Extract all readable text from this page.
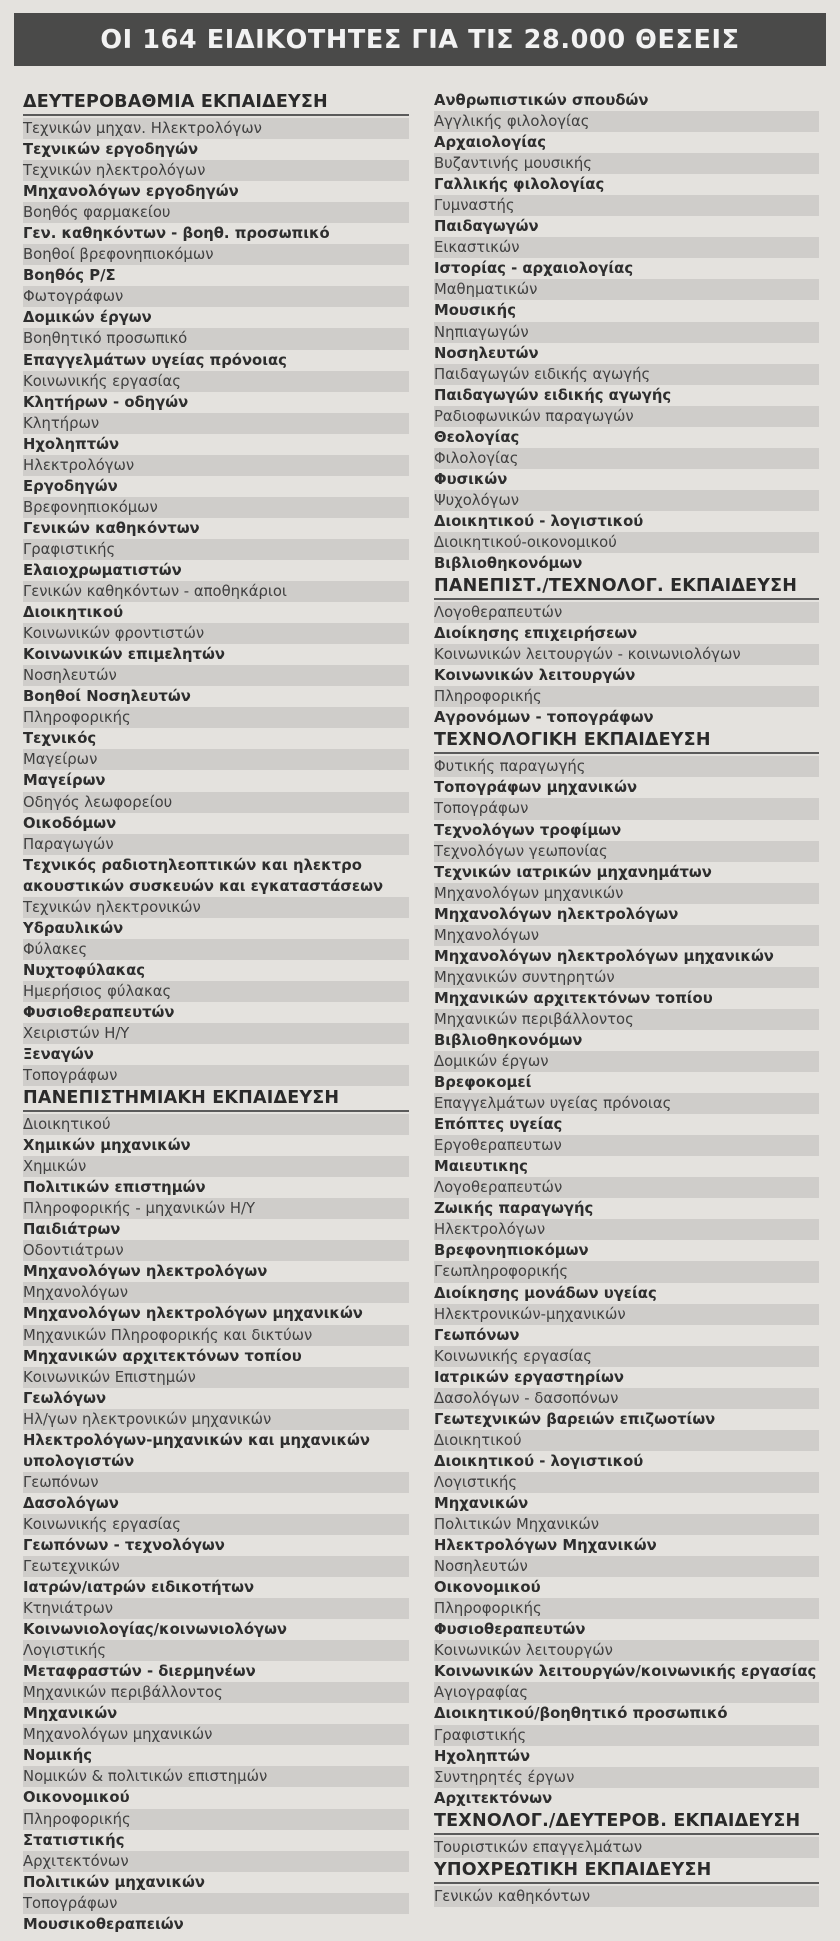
ΟΙ 164 ΕΙΔΙΚΟΤΗΤΕΣ ΓΙΑ ΤΙΣ 28.000 ΘΕΣΕΙΣ
ΔΕΥΤΕΡΟΒΑΘΜΙΑ ΕΚΠΑΙΔΕΥΣΗ
Τεχνικών μηχαν. Ηλεκτρολόγων
Τεχνικών εργοδηγών
Τεχνικών ηλεκτρολόγων
Μηχανολόγων εργοδηγών
Βοηθός φαρμακείου
Γεν. καθηκόντων - βοηθ. προσωπικό
Βοηθοί βρεφονηπιοκόμων
Βοηθός Ρ/Σ
Φωτογράφων
Δομικών έργων
Βοηθητικό προσωπικό
Επαγγελμάτων υγείας πρόνοιας
Κοινωνικής εργασίας
Κλητήρων - οδηγών
Κλητήρων
Ηχοληπτών
Ηλεκτρολόγων
Εργοδηγών
Βρεφονηπιοκόμων
Γενικών καθηκόντων
Γραφιστικής
Ελαιοχρωματιστών
Γενικών καθηκόντων - αποθηκάριοι
Διοικητικού
Κοινωνικών φροντιστών
Κοινωνικών επιμελητών
Νοσηλευτών
Βοηθοί Νοσηλευτών
Πληροφορικής
Τεχνικός
Μαγείρων
Μαγείρων
Οδηγός λεωφορείου
Οικοδόμων
Παραγωγών
Τεχνικός ραδιοτηλεοπτικών και ηλεκτρο ακουστικών συσκευών και εγκαταστάσεων
Τεχνικών ηλεκτρονικών
Υδραυλικών
Φύλακες
Νυχτοφύλακας
Ημερήσιος φύλακας
Φυσιοθεραπευτών
Χειριστών Η/Υ
Ξεναγών
Τοπογράφων
ΠΑΝΕΠΙΣΤΗΜΙΑΚΗ ΕΚΠΑΙΔΕΥΣΗ
Διοικητικού
Χημικών μηχανικών
Χημικών
Πολιτικών επιστημών
Πληροφορικής - μηχανικών Η/Υ
Παιδιάτρων
Οδοντιάτρων
Μηχανολόγων ηλεκτρολόγων
Μηχανολόγων
Μηχανολόγων ηλεκτρολόγων μηχανικών
Μηχανικών Πληροφορικής και δικτύων
Μηχανικών αρχιτεκτόνων τοπίου
Κοινωνικών Επιστημών
Γεωλόγων
Ηλ/γων ηλεκτρονικών μηχανικών
Ηλεκτρολόγων-μηχανικών και μηχανικών υπολογιστών
Γεωπόνων
Δασολόγων
Κοινωνικής εργασίας
Γεωπόνων - τεχνολόγων
Γεωτεχνικών
Ιατρών/ιατρών ειδικοτήτων
Κτηνιάτρων
Κοινωνιολογίας/κοινωνιολόγων
Λογιστικής
Μεταφραστών - διερμηνέων
Μηχανικών περιβάλλοντος
Μηχανικών
Μηχανολόγων μηχανικών
Νομικής
Νομικών & πολιτικών επιστημών
Οικονομικού
Πληροφορικής
Στατιστικής
Αρχιτεκτόνων
Πολιτικών μηχανικών
Τοπογράφων
Μουσικοθεραπειών
Ανθρωπιστικών σπουδών
Αγγλικής φιλολογίας
Αρχαιολογίας
Βυζαντινής μουσικής
Γαλλικής φιλολογίας
Γυμναστής
Παιδαγωγών
Εικαστικών
Ιστορίας - αρχαιολογίας
Μαθηματικών
Μουσικής
Νηπιαγωγών
Νοσηλευτών
Παιδαγωγών ειδικής αγωγής
Παιδαγωγών ειδικής αγωγής
Ραδιοφωνικών παραγωγών
Θεολογίας
Φιλολογίας
Φυσικών
Ψυχολόγων
Διοικητικού - λογιστικού
Διοικητικού-οικονομικού
Βιβλιοθηκονόμων
ΠΑΝΕΠΙΣΤ./ΤΕΧΝΟΛΟΓ. ΕΚΠΑΙΔΕΥΣΗ
Λογοθεραπευτών
Διοίκησης επιχειρήσεων
Κοινωνικών λειτουργών - κοινωνιολόγων
Κοινωνικών λειτουργών
Πληροφορικής
Αγρονόμων - τοπογράφων
ΤΕΧΝΟΛΟΓΙΚΗ ΕΚΠΑΙΔΕΥΣΗ
Φυτικής παραγωγής
Τοπογράφων μηχανικών
Τοπογράφων
Τεχνολόγων τροφίμων
Τεχνολόγων γεωπονίας
Τεχνικών ιατρικών μηχανημάτων
Μηχανολόγων μηχανικών
Μηχανολόγων ηλεκτρολόγων
Μηχανολόγων
Μηχανολόγων ηλεκτρολόγων μηχανικών
Μηχανικών συντηρητών
Μηχανικών αρχιτεκτόνων τοπίου
Μηχανικών περιβάλλοντος
Βιβλιοθηκονόμων
Δομικών έργων
Βρεφοκομεί
Επαγγελμάτων υγείας πρόνοιας
Επόπτες υγείας
Εργοθεραπευτων
Μαιευτικης
Λογοθεραπευτών
Ζωικής παραγωγής
Ηλεκτρολόγων
Βρεφονηπιοκόμων
Γεωπληροφορικής
Διοίκησης μονάδων υγείας
Ηλεκτρονικών-μηχανικών
Γεωπόνων
Κοινωνικής εργασίας
Ιατρικών εργαστηρίων
Δασολόγων - δασοπόνων
Γεωτεχνικών βαρειών επιζωοτίων
Διοικητικού
Διοικητικού - λογιστικού
Λογιστικής
Μηχανικών
Πολιτικών Μηχανικών
Ηλεκτρολόγων Μηχανικών
Νοσηλευτών
Οικονομικού
Πληροφορικής
Φυσιοθεραπευτών
Κοινωνικών λειτουργών
Κοινωνικών λειτουργών/κοινωνικής εργασίας
Αγιογραφίας
Διοικητικού/βοηθητικό προσωπικό
Γραφιστικής
Ηχοληπτών
Συντηρητές έργων
Αρχιτεκτόνων
ΤΕΧΝΟΛΟΓ./ΔΕΥΤΕΡΟΒ. ΕΚΠΑΙΔΕΥΣΗ
Τουριστικών επαγγελμάτων
ΥΠΟΧΡΕΩΤΙΚΗ ΕΚΠΑΙΔΕΥΣΗ
Γενικών καθηκόντων
